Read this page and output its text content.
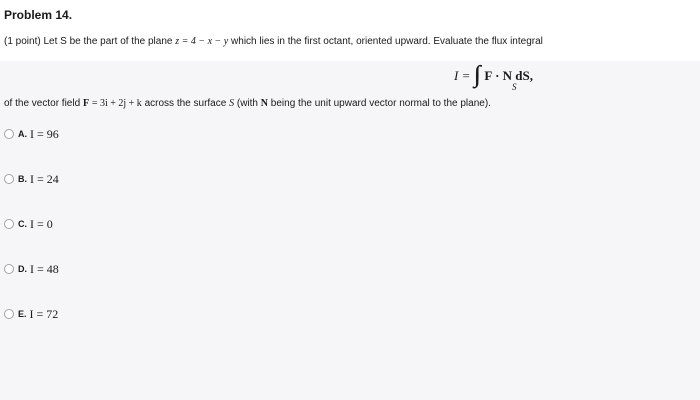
Problem 14.
(1 point) Let S be the part of the plane z = 4 − x − y which lies in the first octant, oriented upward. Evaluate the flux integral
I =
S
F · N dS,
of the vector field F = 3i + 2j + k across the surface S (with N being the unit upward vector normal to the plane).
A. I = 96
B. I = 24
C. I = 0
D. I = 48
E. I = 72
